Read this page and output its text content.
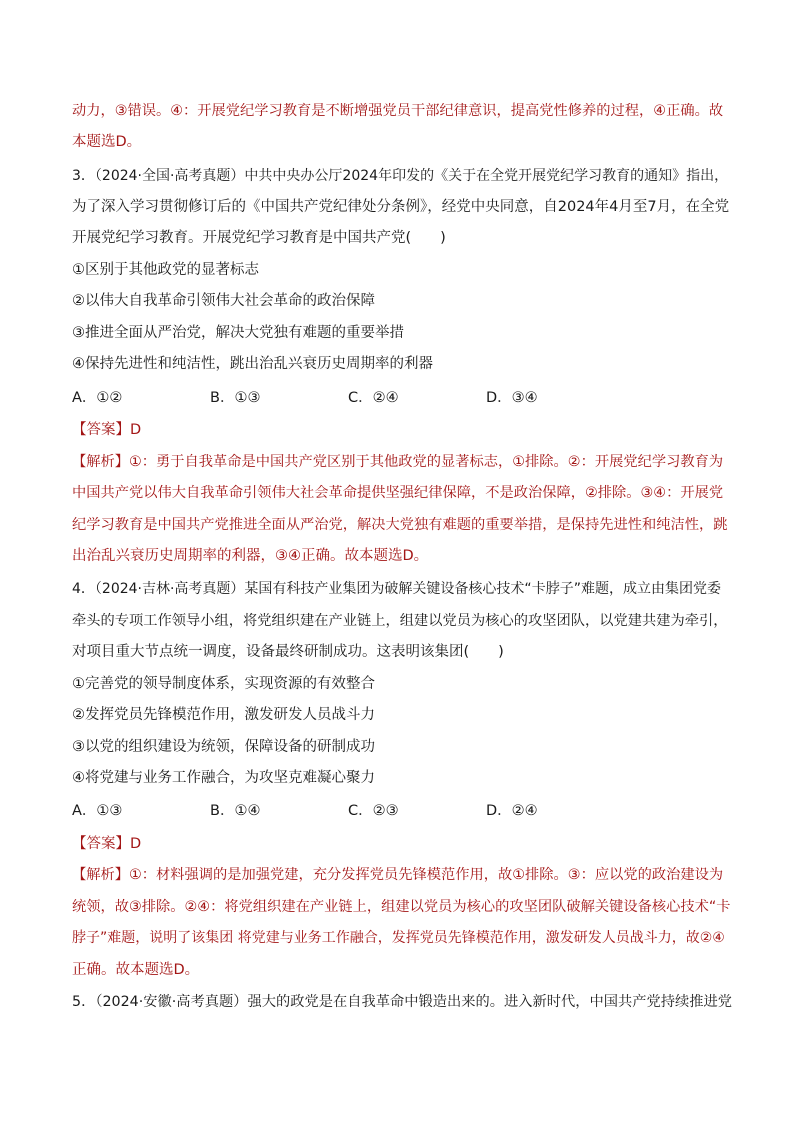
动力，③错误。④：开展党纪学习教育是不断增强党员干部纪律意识，提高党性修养的过程，④正确。故
本题选D。
3．（2024·全国·高考真题）中共中央办公厅2024年印发的《关于在全党开展党纪学习教育的通知》指出，
为了深入学习贯彻修订后的《中国共产党纪律处分条例》，经党中央同意，自2024年4月至7月，在全党
开展党纪学习教育。开展党纪学习教育是中国共产党(　　)
①区别于其他政党的显著标志
②以伟大自我革命引领伟大社会革命的政治保障
③推进全面从严治党，解决大党独有难题的重要举措
④保持先进性和纯洁性，跳出治乱兴衰历史周期率的利器
A．①②	B．①③	C．②④	D．③④
【答案】D
【解析】①：勇于自我革命是中国共产党区别于其他政党的显著标志，①排除。②：开展党纪学习教育为
中国共产党以伟大自我革命引领伟大社会革命提供坚强纪律保障，不是政治保障，②排除。③④：开展党
纪学习教育是中国共产党推进全面从严治党，解决大党独有难题的重要举措，是保持先进性和纯洁性，跳
出治乱兴衰历史周期率的利器，③④正确。故本题选D。
4．（2024·吉林·高考真题）某国有科技产业集团为破解关键设备核心技术“卡脖子”难题，成立由集团党委
牵头的专项工作领导小组，将党组织建在产业链上，组建以党员为核心的攻坚团队，以党建共建为牵引，
对项目重大节点统一调度，设备最终研制成功。这表明该集团(　　)
①完善党的领导制度体系，实现资源的有效整合
②发挥党员先锋模范作用，激发研发人员战斗力
③以党的组织建设为统领，保障设备的研制成功
④将党建与业务工作融合，为攻坚克难凝心聚力
A．①③	B．①④	C．②③	D．②④
【答案】D
【解析】①：材料强调的是加强党建，充分发挥党员先锋模范作用，故①排除。③：应以党的政治建设为
统领，故③排除。②④：将党组织建在产业链上，组建以党员为核心的攻坚团队破解关键设备核心技术“卡
脖子”难题，说明了该集团 将党建与业务工作融合，发挥党员先锋模范作用，激发研发人员战斗力，故②④
正确。故本题选D。
5．（2024·安徽·高考真题）强大的政党是在自我革命中锻造出来的。进入新时代，中国共产党持续推进党
